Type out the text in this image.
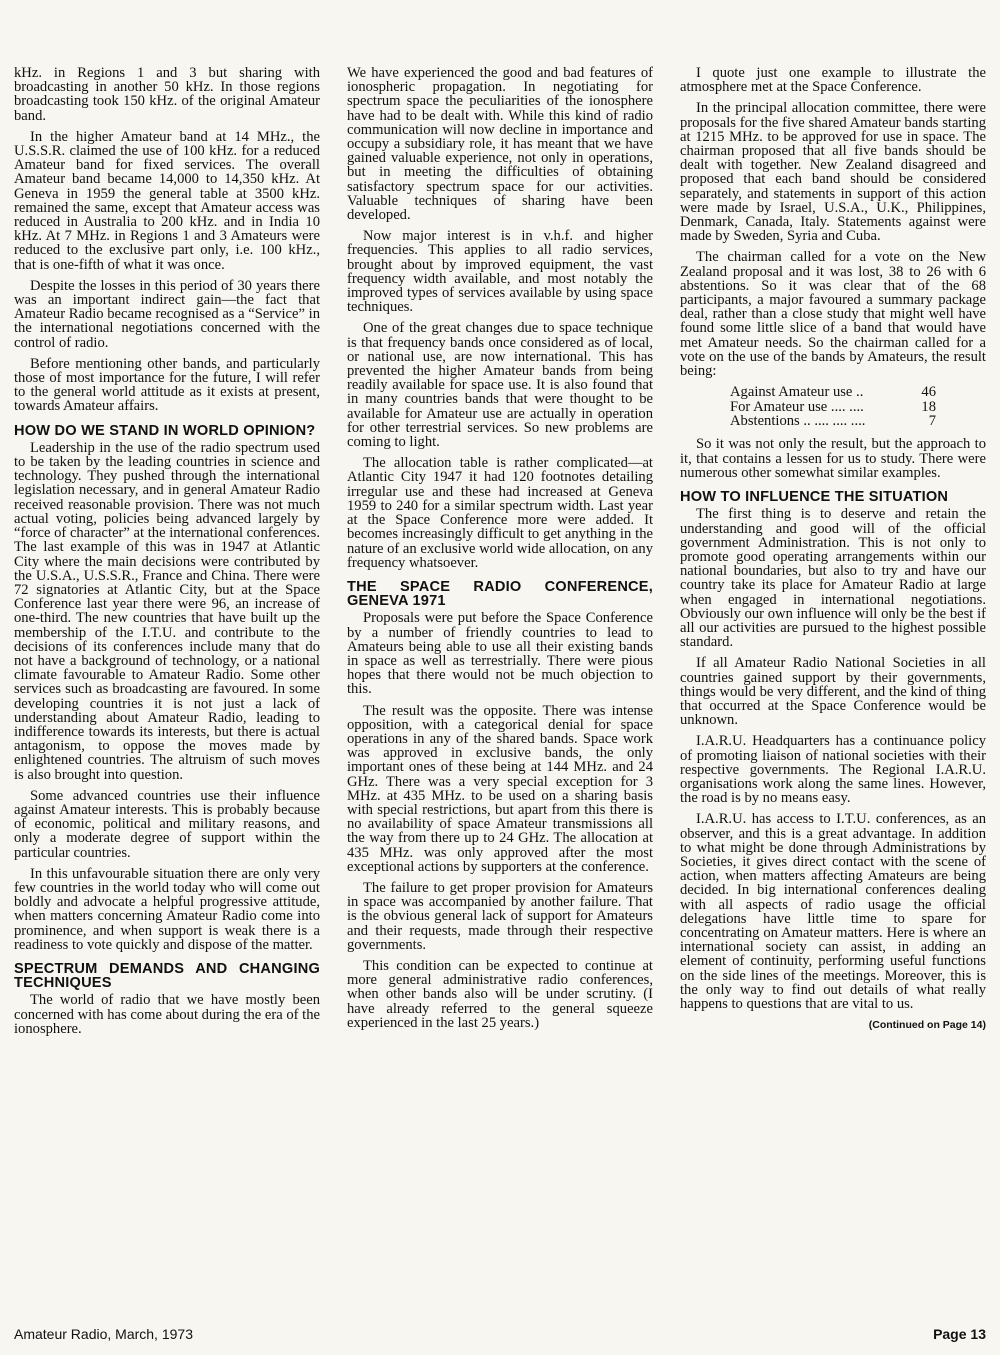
kHz. in Regions 1 and 3 but sharing with broadcasting in another 50 kHz. In those regions broadcasting took 150 kHz. of the original Amateur band.

In the higher Amateur band at 14 MHz., the U.S.S.R. claimed the use of 100 kHz. for a reduced Amateur band for fixed services. The overall Amateur band became 14,000 to 14,350 kHz. At Geneva in 1959 the general table at 3500 kHz. remained the same, except that Amateur access was reduced in Australia to 200 kHz. and in India 10 kHz. At 7 MHz. in Regions 1 and 3 Amateurs were reduced to the exclusive part only, i.e. 100 kHz., that is one-fifth of what it was once.

Despite the losses in this period of 30 years there was an important indirect gain—the fact that Amateur Radio became recognised as a “Service” in the international negotiations concerned with the control of radio.

Before mentioning other bands, and particularly those of most importance for the future, I will refer to the general world attitude as it exists at present, towards Amateur affairs.

HOW DO WE STAND IN WORLD OPINION?

Leadership in the use of the radio spectrum used to be taken by the leading countries in science and technology. They pushed through the international legislation necessary, and in general Amateur Radio received reasonable provision. There was not much actual voting, policies being advanced largely by “force of character” at the international conferences. The last example of this was in 1947 at Atlantic City where the main decisions were contributed by the U.S.A., U.S.S.R., France and China. There were 72 signatories at Atlantic City, but at the Space Conference last year there were 96, an increase of one-third. The new countries that have built up the membership of the I.T.U. and contribute to the decisions of its conferences include many that do not have a background of technology, or a national climate favourable to Amateur Radio. Some other services such as broadcasting are favoured. In some developing countries it is not just a lack of understanding about Amateur Radio, leading to indifference towards its interests, but there is actual antagonism, to oppose the moves made by enlightened countries. The altruism of such moves is also brought into question.

Some advanced countries use their influence against Amateur interests. This is probably because of economic, political and military reasons, and only a moderate degree of support within the particular countries.

In this unfavourable situation there are only very few countries in the world today who will come out boldly and advocate a helpful progressive attitude, when matters concerning Amateur Radio come into prominence, and when support is weak there is a readiness to vote quickly and dispose of the matter.

SPECTRUM DEMANDS AND CHANGING TECHNIQUES

The world of radio that we have mostly been concerned with has come about during the era of the ionosphere.

We have experienced the good and bad features of ionospheric propagation. In negotiating for spectrum space the peculiarities of the ionosphere have had to be dealt with. While this kind of radio communication will now decline in importance and occupy a subsidiary role, it has meant that we have gained valuable experience, not only in operations, but in meeting the difficulties of obtaining satisfactory spectrum space for our activities. Valuable techniques of sharing have been developed.

Now major interest is in v.h.f. and higher frequencies. This applies to all radio services, brought about by improved equipment, the vast frequency width available, and most notably the improved types of services available by using space techniques.

One of the great changes due to space technique is that frequency bands once considered as of local, or national use, are now international. This has prevented the higher Amateur bands from being readily available for space use. It is also found that in many countries bands that were thought to be available for Amateur use are actually in operation for other terrestrial services. So new problems are coming to light.

The allocation table is rather complicated—at Atlantic City 1947 it had 120 footnotes detailing irregular use and these had increased at Geneva 1959 to 240 for a similar spectrum width. Last year at the Space Conference more were added. It becomes increasingly difficult to get anything in the nature of an exclusive world wide allocation, on any frequency whatsoever.

THE SPACE RADIO CONFERENCE, GENEVA 1971

Proposals were put before the Space Conference by a number of friendly countries to lead to Amateurs being able to use all their existing bands in space as well as terrestrially. There were pious hopes that there would not be much objection to this.

The result was the opposite. There was intense opposition, with a categorical denial for space operations in any of the shared bands. Space work was approved in exclusive bands, the only important ones of these being at 144 MHz. and 24 GHz. There was a very special exception for 3 MHz. at 435 MHz. to be used on a sharing basis with special restrictions, but apart from this there is no availability of space Amateur transmissions all the way from there up to 24 GHz. The allocation at 435 MHz. was only approved after the most exceptional actions by supporters at the conference.

The failure to get proper provision for Amateurs in space was accompanied by another failure. That is the obvious general lack of support for Amateurs and their requests, made through their respective governments.

This condition can be expected to continue at more general administrative radio conferences, when other bands also will be under scrutiny. (I have already referred to the general squeeze experienced in the last 25 years.)

I quote just one example to illustrate the atmosphere met at the Space Conference.

In the principal allocation committee, there were proposals for the five shared Amateur bands starting at 1215 MHz. to be approved for use in space. The chairman proposed that all five bands should be dealt with together. New Zealand disagreed and proposed that each band should be considered separately, and statements in support of this action were made by Israel, U.S.A., U.K., Philippines, Denmark, Canada, Italy. Statements against were made by Sweden, Syria and Cuba.

The chairman called for a vote on the New Zealand proposal and it was lost, 38 to 26 with 6 abstentions. So it was clear that of the 68 participants, a major favoured a summary package deal, rather than a close study that might well have found some little slice of a band that would have met Amateur needs. So the chairman called for a vote on the use of the bands by Amateurs, the result being:

Against Amateur use ..	46
For Amateur use .... ....	18
Abstentions .. .... .... ....	7

So it was not only the result, but the approach to it, that contains a lessen for us to study. There were numerous other somewhat similar examples.

HOW TO INFLUENCE THE SITUATION

The first thing is to deserve and retain the understanding and good will of the official government Administration. This is not only to promote good operating arrangements within our national boundaries, but also to try and have our country take its place for Amateur Radio at large when engaged in international negotiations. Obviously our own influence will only be the best if all our activities are pursued to the highest possible standard.

If all Amateur Radio National Societies in all countries gained support by their governments, things would be very different, and the kind of thing that occurred at the Space Conference would be unknown.

I.A.R.U. Headquarters has a continuance policy of promoting liaison of national societies with their respective governments. The Regional I.A.R.U. organisations work along the same lines. However, the road is by no means easy.

I.A.R.U. has access to I.T.U. conferences, as an observer, and this is a great advantage. In addition to what might be done through Administrations by Societies, it gives direct contact with the scene of action, when matters affecting Amateurs are being decided. In big international conferences dealing with all aspects of radio usage the official delegations have little time to spare for concentrating on Amateur matters. Here is where an international society can assist, in adding an element of continuity, performing useful functions on the side lines of the meetings. Moreover, this is the only way to find out details of what really happens to questions that are vital to us.

(Continued on Page 14)
Amateur Radio, March, 1973	Page 13
